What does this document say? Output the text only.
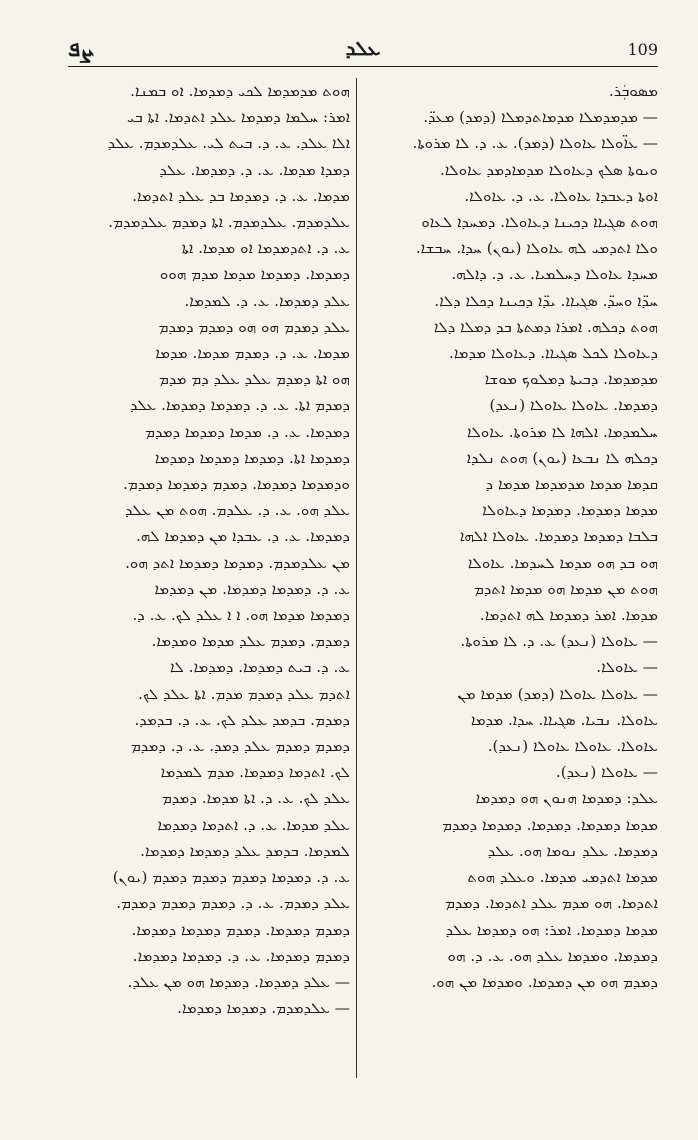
ܨܦ	ܥܠܕ	109

ܡܣܘܒܲܪ.

— ܡܕܡܕܡܠܐ ܡܕܡܐܬܕܡܠܐ (ܕܡܕ) ܡܥܕ̈.

— ܥܐ̈ܘܠܐ ܥܐܘܠܐ (ܕܡܕ). ܥ. ܕ. ܠܐ ܡܪܘܬܐ.

ܘܝܘܬܐ ܣܠܟ ܕܥܐܘܠܐ ܡܕܡܐܕܡܕ ܥܐܘܠܐ.

ܐܘܬܐ ܕܥܒܕܐ ܥܐܘܠܐ. ܥ. ܕ. ܥܐܘܠܐ.

ܗܘܬ ܣܓܝܐܐ ܕܟܝܢܐ ܕܥܐܘܠܐ. ܕܡܚܕܐ ܠܥܐܘ

ܘܠܐ ܐܬܕܡܝ ܠܗ ܥܐܘܠܐ (ܝܘܢ) ܚܕܐ. ܚܒܫܐ.

ܡܚܕܐ ܥܐܘܠܐ ܕܚܠܡܝܐ. ܥ. ܕ. ܕܐܠܗ.

ܚܕ̈ܐ ܘܚܕ̈. ܣܓܝܐܐ. ܝܕ̈ܐ ܕܟܝܢܐ ܕܟܠܐ ܕܠܐ.

ܗܘܬ ܕܟܠܗ. ܐܡܪܐ ܕܡܬܬܐ ܒܕ ܕܡܠܐ ܕܠܐ

ܕܥܐܘܠܐ ܠܟܠ ܣܓܝܐܐ. ܕܥܐܘܠܐ ܡܕܡܐ.

ܡܕܡܕܡܐ. ܕܒܝܬܐ ܕܡܠܘܟ ܡܘܫܐ

ܕܡܕܡܐ. ܥܐܘܠܐ ܥܐܘܠܐ (ܢܥܕ)

ܚܠܡܕܡܐ. ܐܠܗܐ ܠܐ ܡܪܘܬܐ. ܥܐܘܠܐ

ܕܟܠܗ ܠܐ ܢܒܥܐ (ܝܘܢ) ܗܘܬ ܢܠܕܐ

ܩܕܡܐ ܡܕܡܐ ܡܕܡܕܡܐ ܡܕܡܐ ܕ

ܡܕܡܐ ܕܡܕܡܐ. ܕܡܕܡܐ ܕܥܐܘܠܐ

ܒܠܒܐ ܕܡܕܡܐ ܕܡܕܡܐ. ܥܐܘܠܐ ܐܠܗܐ

ܗܘ ܒܕ ܗܘ ܡܕܡܐ ܠܚܕܡܐ. ܥܐܘܠܐ

ܗܘܬ ܡܢ ܡܕܡܐ ܗܘ ܡܕܡܐ ܐܬܕܡ

ܡܕܡܐ. ܐܡܪ ܕܡܕܡܐ ܠܗ ܐܬܕܡܐ.

— ܥܐܘܠܐ (ܢܥܕ) ܥ. ܕ. ܠܐ ܡܪܘܬܐ.

— ܥܐܘܠܐ.

— ܥܐܘܠܐ ܥܐܘܠܐ (ܕܡܕ) ܡܕܡܐ ܡܢ

ܥܐܘܠܐ. ܢܒܝܐ. ܣܓܝܐܐ. ܚܕܐ. ܡܕܡܐ

ܥܐܘܠܐ. ܥܐܘܠܐ ܥܐܘܠܐ (ܢܥܕ).

— ܥܐܘܠܐ (ܢܥܕ).

ܥܠܕ: ܕܡܕܡܐ ܗܢܘܢ ܗܘ ܕܡܕܡܐ

ܡܕܡܐ ܕܡܕܡܐ. ܕܡܕܡܐ. ܕܡܕܡܐ ܕܡܕܡ

ܕܡܕܡܐ. ܥܠܕ ܢܘܡܐ ܗܘ. ܥܠܕ

ܡܕܡܐ ܐܬܕܡܝ ܡܕܡܐ. ܘܥܠܕ ܗܘܬ

ܐܬܕܡܐ. ܗܘ ܡܕܡ ܥܠܕ ܐܬܕܡܐ. ܕܡܕܡ

ܡܕܡܐ ܕܡܕܡܐ. ܐܡܪ: ܗܘ ܕܡܕܡܐ ܥܠܕ

ܕܡܕܡܐ. ܘܡܕܡܐ ܥܠܕ ܗܘ. ܥ. ܕ. ܗܘ

ܕܡܕܡ ܗܘ ܡܢ ܕܡܕܡܐ. ܘܡܕܡܐ ܡܢ ܗܘ.

ܗܘܬ ܡܕܡܕܡܐ ܠܟܝ ܕܡܕܡܐ. ܐܘ ܒܡܢܐ.

ܐܡܪ: ܚܠܡܐ ܕܡܕܡܐ ܥܠܕ ܐܬܕܡܐ. ܐܬܐ ܒܝ

ܐܠܐ ܥܠܕ. ܥ. ܕ. ܒܝܬ ܠܝ. ܥܠܕܡܕܡ. ܥܠܕ

ܕܡܕܐ ܡܕܡܐ. ܥ. ܕ. ܕܡܕܡܐ. ܥܠܕ

ܡܕܡܐ. ܥ. ܕ. ܕܡܕܡܐ ܒܕ ܥܠܕ ܐܬܕܡܐ.

ܥܠܕܡܕܡ. ܥܠܕܡܕܡ. ܐܬܐ ܕܡܕܡ ܥܠܕܡܕܡ.

ܥ. ܕ. ܐܬܕܡܕܡܐ ܐܘ ܡܕܡܐ. ܐܬܐ

ܕܡܕܡܐ. ܕܡܕܡܐ ܡܕܡܐ ܡܕܡ ܗܘܘ

ܥܠܕ ܕܡܕܡܐ. ܥ. ܕ. ܠܡܕܡܐ.

ܥܠܕ ܕܡܕܡ ܗܘ ܗܘ ܕܡܕܡ ܕܡܕܡ

ܡܕܡܐ. ܥ. ܕ. ܕܡܕܡ ܡܕܡܐ. ܡܕܡܐ

ܗܘ ܐܬܐ ܕܡܕܡ ܥܠܕ ܥܠܕ ܕܡ ܡܕܡ

ܕܡܕܡ ܐܬܐ. ܥ. ܕ. ܕܡܕܡܐ ܕܡܕܡܐ. ܥܠܕ

ܕܡܕܡܐ. ܥ. ܕ. ܡܕܡܐ ܕܡܕܡܐ ܕܡܕܡ

ܕܡܕܡܐ ܐܬܐ. ܕܡܕܡܐ ܕܡܕܡܐ ܕܡܕܡܐ

ܘܕܡܕܡܐ ܕܡܕܡܐ. ܕܡܕܡ ܕܡܕܡܐ ܕܡܕܡ.

ܥܠܕ ܗܘ. ܥ. ܕ. ܥܠܕܡ. ܗܘܬ ܡܢ ܥܠܕ

ܕܡܕܡܐ. ܥ. ܕ. ܥܒܕܐ ܡܢ ܕܡܕܡܐ ܠܗ.

ܡܢ ܥܠܕܡܕܡ. ܕܡܕܡܐ ܕܡܕܡܐ ܐܬܕ ܗܘ.

ܥ. ܕ. ܕܡܕܡܐ ܕܡܕܡܐ. ܡܢ ܕܡܕܡܐ

ܕܡܕܡܐ ܡܕܡܐ ܗܘ. ܐ ܐ ܥܠܕ ܠܟ. ܥ. ܕ.

ܕܡܕܡ. ܕܡܕܡ ܥܠܕ ܡܕܡܐ ܘܡܕܡܐ.

ܥ. ܕ. ܒܝܬ ܕܡܕܡܐ. ܕܡܕܡܐ. ܠܐ

ܐܬܕܡ ܥܠܕ ܕܡܕܡ ܡܕܡ. ܐܬܐ ܥܠܕ ܠܟ.

ܕܡܕܡ. ܒܕܡܕ ܥܠܕ ܠܟ. ܥ. ܕ. ܒܕܡܕ.

ܕܡܕܡ ܕܡܕܡ ܥܠܕ ܕܡܕ. ܥ. ܕ. ܕܡܕܡ

ܠܟ. ܐܬܕܡܐ ܕܡܕܡܐ. ܡܕܡ ܠܡܕܡܐ

ܥܠܕ ܠܟ. ܥ. ܕ. ܐܬܐ ܡܕܡܐ. ܕܡܕܡ

ܥܠܕ ܡܕܡܐ. ܥ. ܕ. ܐܬܕܡܐ ܕܡܕܡܐ

ܠܡܕܡܐ. ܒܕܡܕ ܥܠܕ ܕܡܕܡܐ ܕܡܕܡܐ.

ܥ. ܕ. ܕܡܕܡܐ ܕܡܕܡ ܕܡܕܡ ܕܡܕܡ (ܝܘܢ)

ܥܠܕ ܕܡܕܡ. ܥ. ܕ. ܕܡܕܡ ܕܡܕܡ ܕܡܕܡ.

ܕܡܕܡ ܕܡܕܡܐ. ܕܡܕܡ ܕܡܕܡܐ ܕܡܕܡܐ.

ܕܡܕܡ ܕܡܕܡܐ. ܥ. ܕ. ܕܡܕܡܐ ܕܡܕܡܐ.

— ܥܠܕ ܕܡܕܡܐ. ܕܡܕܡܐ ܗܘ ܡܢ ܥܠܕ.

— ܥܠܕܡܕܡ. ܕܡܕܡܐ ܕܡܕܡܐ.
